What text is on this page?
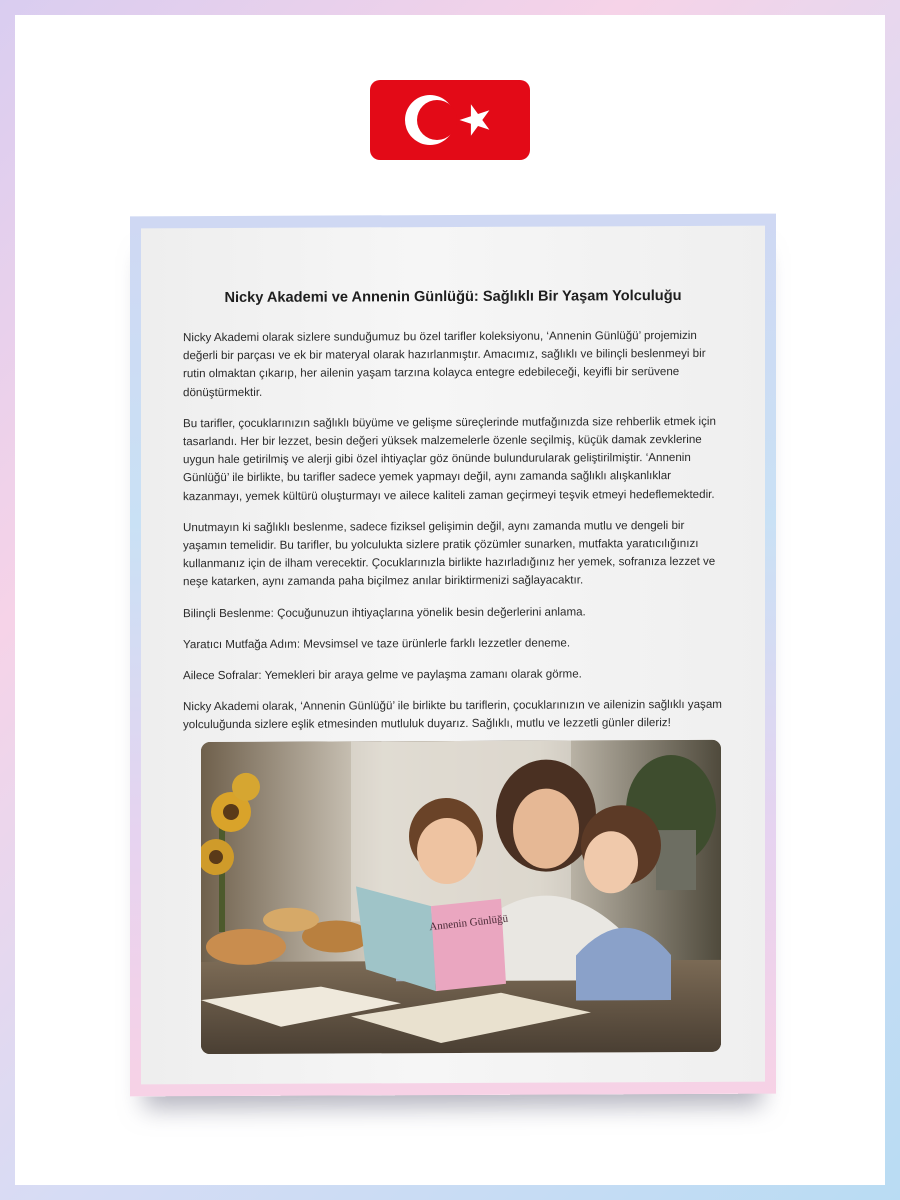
Nicky Akademi ve Annenin Günlüğü: Sağlıklı Bir Yaşam Yolculuğu

Nicky Akademi olarak sizlere sunduğumuz bu özel tarifler koleksiyonu, ‘Annenin Günlüğü’ projemizin değerli bir parçası ve ek bir materyal olarak hazırlanmıştır. Amacımız, sağlıklı ve bilinçli beslenmeyi bir rutin olmaktan çıkarıp, her ailenin yaşam tarzına kolayca entegre edebileceği, keyifli bir serüvene dönüştürmektir.

Bu tarifler, çocuklarınızın sağlıklı büyüme ve gelişme süreçlerinde mutfağınızda size rehberlik etmek için tasarlandı. Her bir lezzet, besin değeri yüksek malzemelerle özenle seçilmiş, küçük damak zevklerine uygun hale getirilmiş ve alerji gibi özel ihtiyaçlar göz önünde bulundurularak geliştirilmiştir. ‘Annenin Günlüğü’ ile birlikte, bu tarifler sadece yemek yapmayı değil, aynı zamanda sağlıklı alışkanlıklar kazanmayı, yemek kültürü oluşturmayı ve ailece kaliteli zaman geçirmeyi teşvik etmeyi hedeflemektedir.

Unutmayın ki sağlıklı beslenme, sadece fiziksel gelişimin değil, aynı zamanda mutlu ve dengeli bir yaşamın temelidir. Bu tarifler, bu yolculukta sizlere pratik çözümler sunarken, mutfakta yaratıcılığınızı kullanmanız için de ilham verecektir. Çocuklarınızla birlikte hazırladığınız her yemek, sofranıza lezzet ve neşe katarken, aynı zamanda paha biçilmez anılar biriktirmenizi sağlayacaktır.

Bilinçli Beslenme: Çocuğunuzun ihtiyaçlarına yönelik besin değerlerini anlama.

Yaratıcı Mutfağa Adım: Mevsimsel ve taze ürünlerle farklı lezzetler deneme.

Ailece Sofralar: Yemekleri bir araya gelme ve paylaşma zamanı olarak görme.

Nicky Akademi olarak, ‘Annenin Günlüğü’ ile birlikte bu tariflerin, çocuklarınızın ve ailenizin sağlıklı yaşam yolculuğunda sizlere eşlik etmesinden mutluluk duyarız. Sağlıklı, mutlu ve lezzetli günler dileriz!

Annenin Günlüğü
